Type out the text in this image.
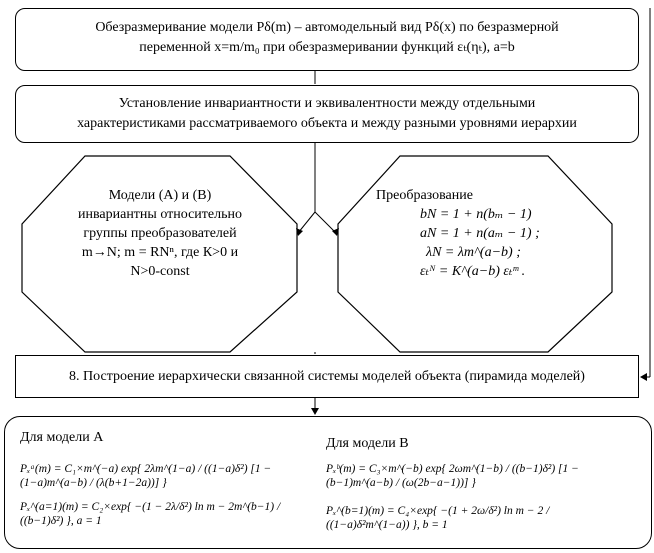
Обезразмеривание модели Pδ(m) – автомодельный вид Pδ(x) по безразмерной
переменной x=m/m₀ при обезразмеривании функций εₜ(ηₜ), a=b
Установление инвариантности и эквивалентности между отдельными
характеристиками рассматриваемого объекта и между разными уровнями иерархии
Модели (А) и (В)
инвариантны относительно
группы преобразователей
m→N; m = RNⁿ, где К>0 и
N>0-const
Преобразование
bN = 1 + n(bₘ − 1)
aN = 1 + n(aₘ − 1) ;
λN = λm^(a−b) ;
εₜᴺ = K^(a−b) εₜᵐ .
8. Построение иерархически связанной системы моделей объекта (пирамида моделей)
Для модели А	Для модели В
Pₓᵃ(m) = C₁×m^(−a) exp{ 2λm^(1−a) / ((1−a)δ²) [1 − (1−a)m^(a−b) / (λ(b+1−2a))] }
Pₓ^(a=1)(m) = C₂×exp{ −(1 − 2λ/δ²) ln m − 2m^(b−1) / ((b−1)δ²) }, a = 1
Pₓᵇ(m) = C₃×m^(−b) exp{ 2ωm^(1−b) / ((b−1)δ²) [1 − (b−1)m^(a−b) / (ω(2b−a−1))] }
Pₓ^(b=1)(m) = C₄×exp{ −(1 + 2ω/δ²) ln m − 2 / ((1−a)δ²m^(1−a)) }, b = 1
